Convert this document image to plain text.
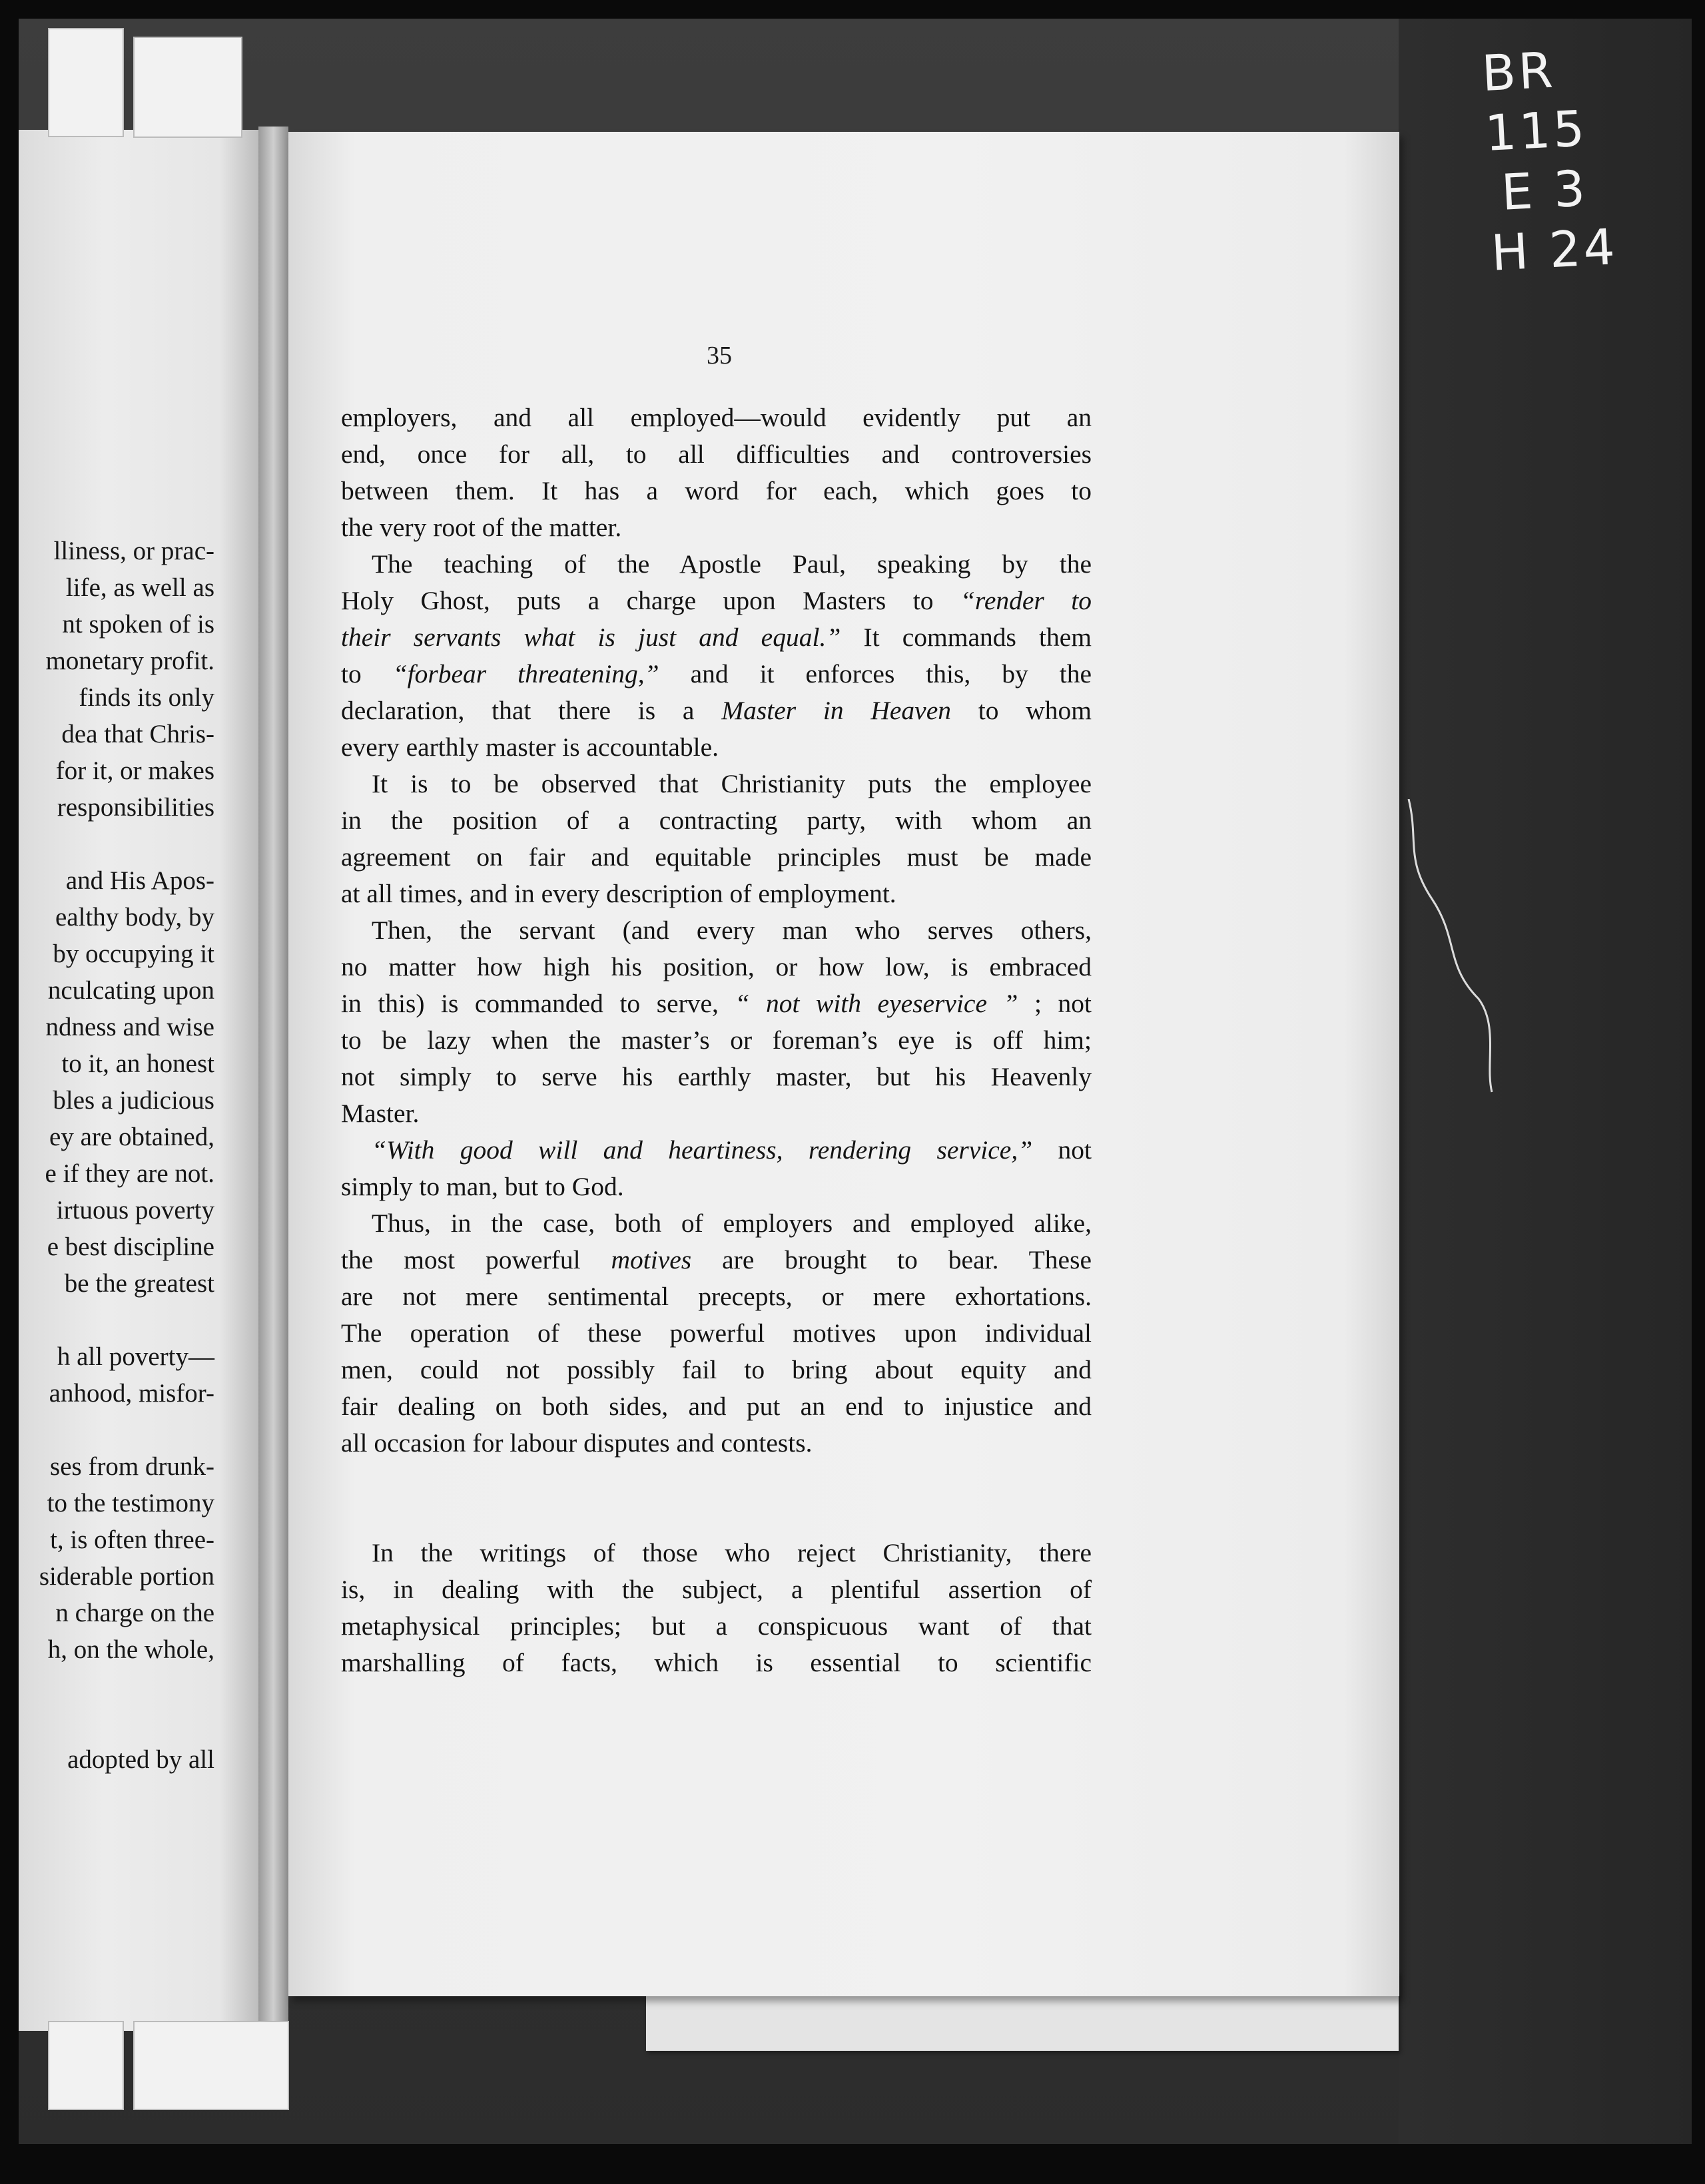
lliness, or prac-
life, as well as
nt spoken of is
monetary profit.
finds its only
dea that Chris-
for it, or makes
responsibilities
and His Apos-
ealthy body, by
by occupying it
nculcating upon
ndness and wise
to it, an honest
bles a judicious
ey are obtained,
e if they are not.
irtuous poverty
e best discipline
be the greatest
h all poverty—
anhood, misfor-
ses from drunk-
to the testimony
t, is often three-
siderable portion
n charge on the
h, on the whole,
adopted by all
35
employers, and all employed—would evidently put an
end, once for all, to all difficulties and controversies
between them. It has a word for each, which goes to
the very root of the matter.
The teaching of the Apostle Paul, speaking by the
Holy Ghost, puts a charge upon Masters to “render to
their servants what is just and equal.” It commands them
to “forbear threatening,” and it enforces this, by the
declaration, that there is a Master in Heaven to whom
every earthly master is accountable.
It is to be observed that Christianity puts the employee
in the position of a contracting party, with whom an
agreement on fair and equitable principles must be made
at all times, and in every description of employment.
Then, the servant (and every man who serves others,
no matter how high his position, or how low, is embraced
in this) is commanded to serve, “ not with eyeservice ” ; not
to be lazy when the master’s or foreman’s eye is off him;
not simply to serve his earthly master, but his Heavenly
Master.
“With good will and heartiness, rendering service,” not
simply to man, but to God.
Thus, in the case, both of employers and employed alike,
the most powerful motives are brought to bear. These
are not mere sentimental precepts, or mere exhortations.
The operation of these powerful motives upon individual
men, could not possibly fail to bring about equity and
fair dealing on both sides, and put an end to injustice and
all occasion for labour disputes and contests.
In the writings of those who reject Christianity, there
is, in dealing with the subject, a plentiful assertion of
metaphysical principles; but a conspicuous want of that
marshalling of facts, which is essential to scientific
BR 115
E 3
H 24
